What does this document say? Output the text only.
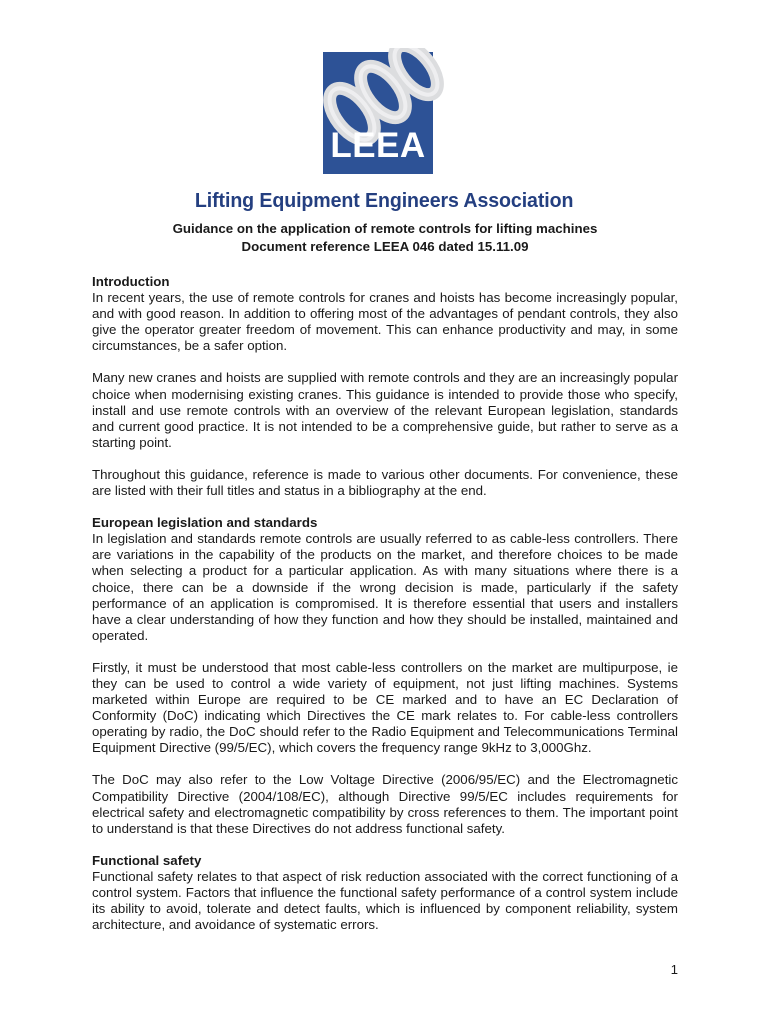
LEEA
Lifting Equipment Engineers Association
Guidance on the application of remote controls for lifting machines
Document reference LEEA 046 dated 15.11.09
Introduction

In recent years, the use of remote controls for cranes and hoists has become increasingly popular, and with good reason. In addition to offering most of the advantages of pendant controls, they also give the operator greater freedom of movement. This can enhance productivity and may, in some circumstances, be a safer option.

Many new cranes and hoists are supplied with remote controls and they are an increasingly popular choice when modernising existing cranes. This guidance is intended to provide those who specify, install and use remote controls with an overview of the relevant European legislation, standards and current good practice. It is not intended to be a comprehensive guide, but rather to serve as a starting point.

Throughout this guidance, reference is made to various other documents. For convenience, these are listed with their full titles and status in a bibliography at the end.

European legislation and standards

In legislation and standards remote controls are usually referred to as cable-less controllers. There are variations in the capability of the products on the market, and therefore choices to be made when selecting a product for a particular application. As with many situations where there is a choice, there can be a downside if the wrong decision is made, particularly if the safety performance of an application is compromised. It is therefore essential that users and installers have a clear understanding of how they function and how they should be installed, maintained and operated.

Firstly, it must be understood that most cable-less controllers on the market are multipurpose, ie they can be used to control a wide variety of equipment, not just lifting machines. Systems marketed within Europe are required to be CE marked and to have an EC Declaration of Conformity (DoC) indicating which Directives the CE mark relates to. For cable-less controllers operating by radio, the DoC should refer to the Radio Equipment and Telecommunications Terminal Equipment Directive (99/5/EC), which covers the frequency range 9kHz to 3,000Ghz.

The DoC may also refer to the Low Voltage Directive (2006/95/EC) and the Electromagnetic Compatibility Directive (2004/108/EC), although Directive 99/5/EC includes requirements for electrical safety and electromagnetic compatibility by cross references to them. The important point to understand is that these Directives do not address functional safety.

Functional safety

Functional safety relates to that aspect of risk reduction associated with the correct functioning of a control system. Factors that influence the functional safety performance of a control system include its ability to avoid, tolerate and detect faults, which is influenced by component reliability, system architecture, and avoidance of systematic errors.

1
